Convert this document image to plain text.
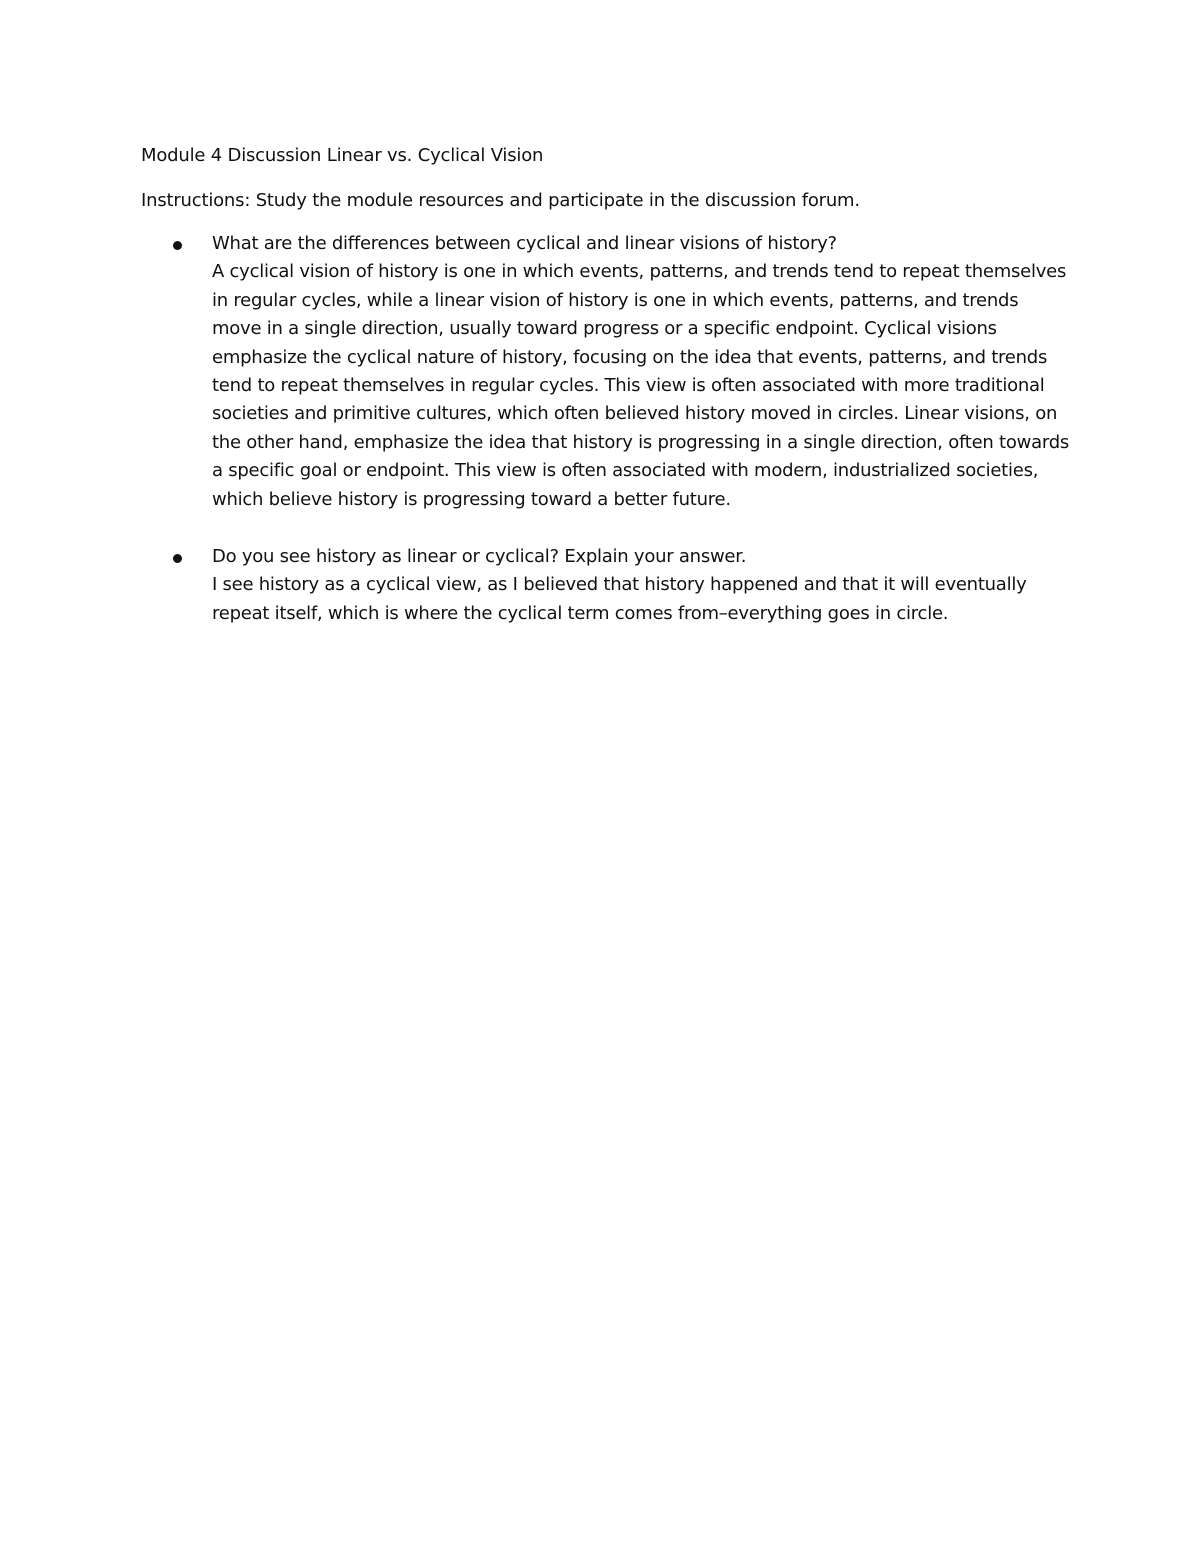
Module 4 Discussion Linear vs. Cyclical Vision
Instructions: Study the module resources and participate in the discussion forum.

What are the differences between cyclical and linear visions of history?

A cyclical vision of history is one in which events, patterns, and trends tend to repeat themselves in regular cycles, while a linear vision of history is one in which events, patterns, and trends move in a single direction, usually toward progress or a specific endpoint. Cyclical visions emphasize the cyclical nature of history, focusing on the idea that events, patterns, and trends tend to repeat themselves in regular cycles. This view is often associated with more traditional societies and primitive cultures, which often believed history moved in circles. Linear visions, on the other hand, emphasize the idea that history is progressing in a single direction, often towards a specific goal or endpoint. This view is often associated with modern, industrialized societies, which believe history is progressing toward a better future.

Do you see history as linear or cyclical? Explain your answer.

I see history as a cyclical view, as I believed that history happened and that it will eventually repeat itself, which is where the cyclical term comes from–everything goes in circle.
